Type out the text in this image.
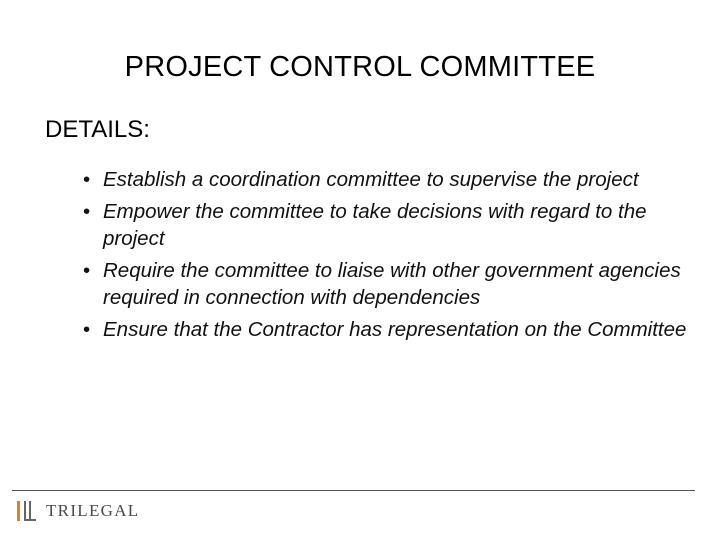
PROJECT CONTROL COMMITTEE
DETAILS:
• Establish a coordination committee to supervise the project
• Empower the committee to take decisions with regard to the project
• Require the committee to liaise with other government agencies required in connection with dependencies
• Ensure that the Contractor has representation on the Committee
TRILEGAL
